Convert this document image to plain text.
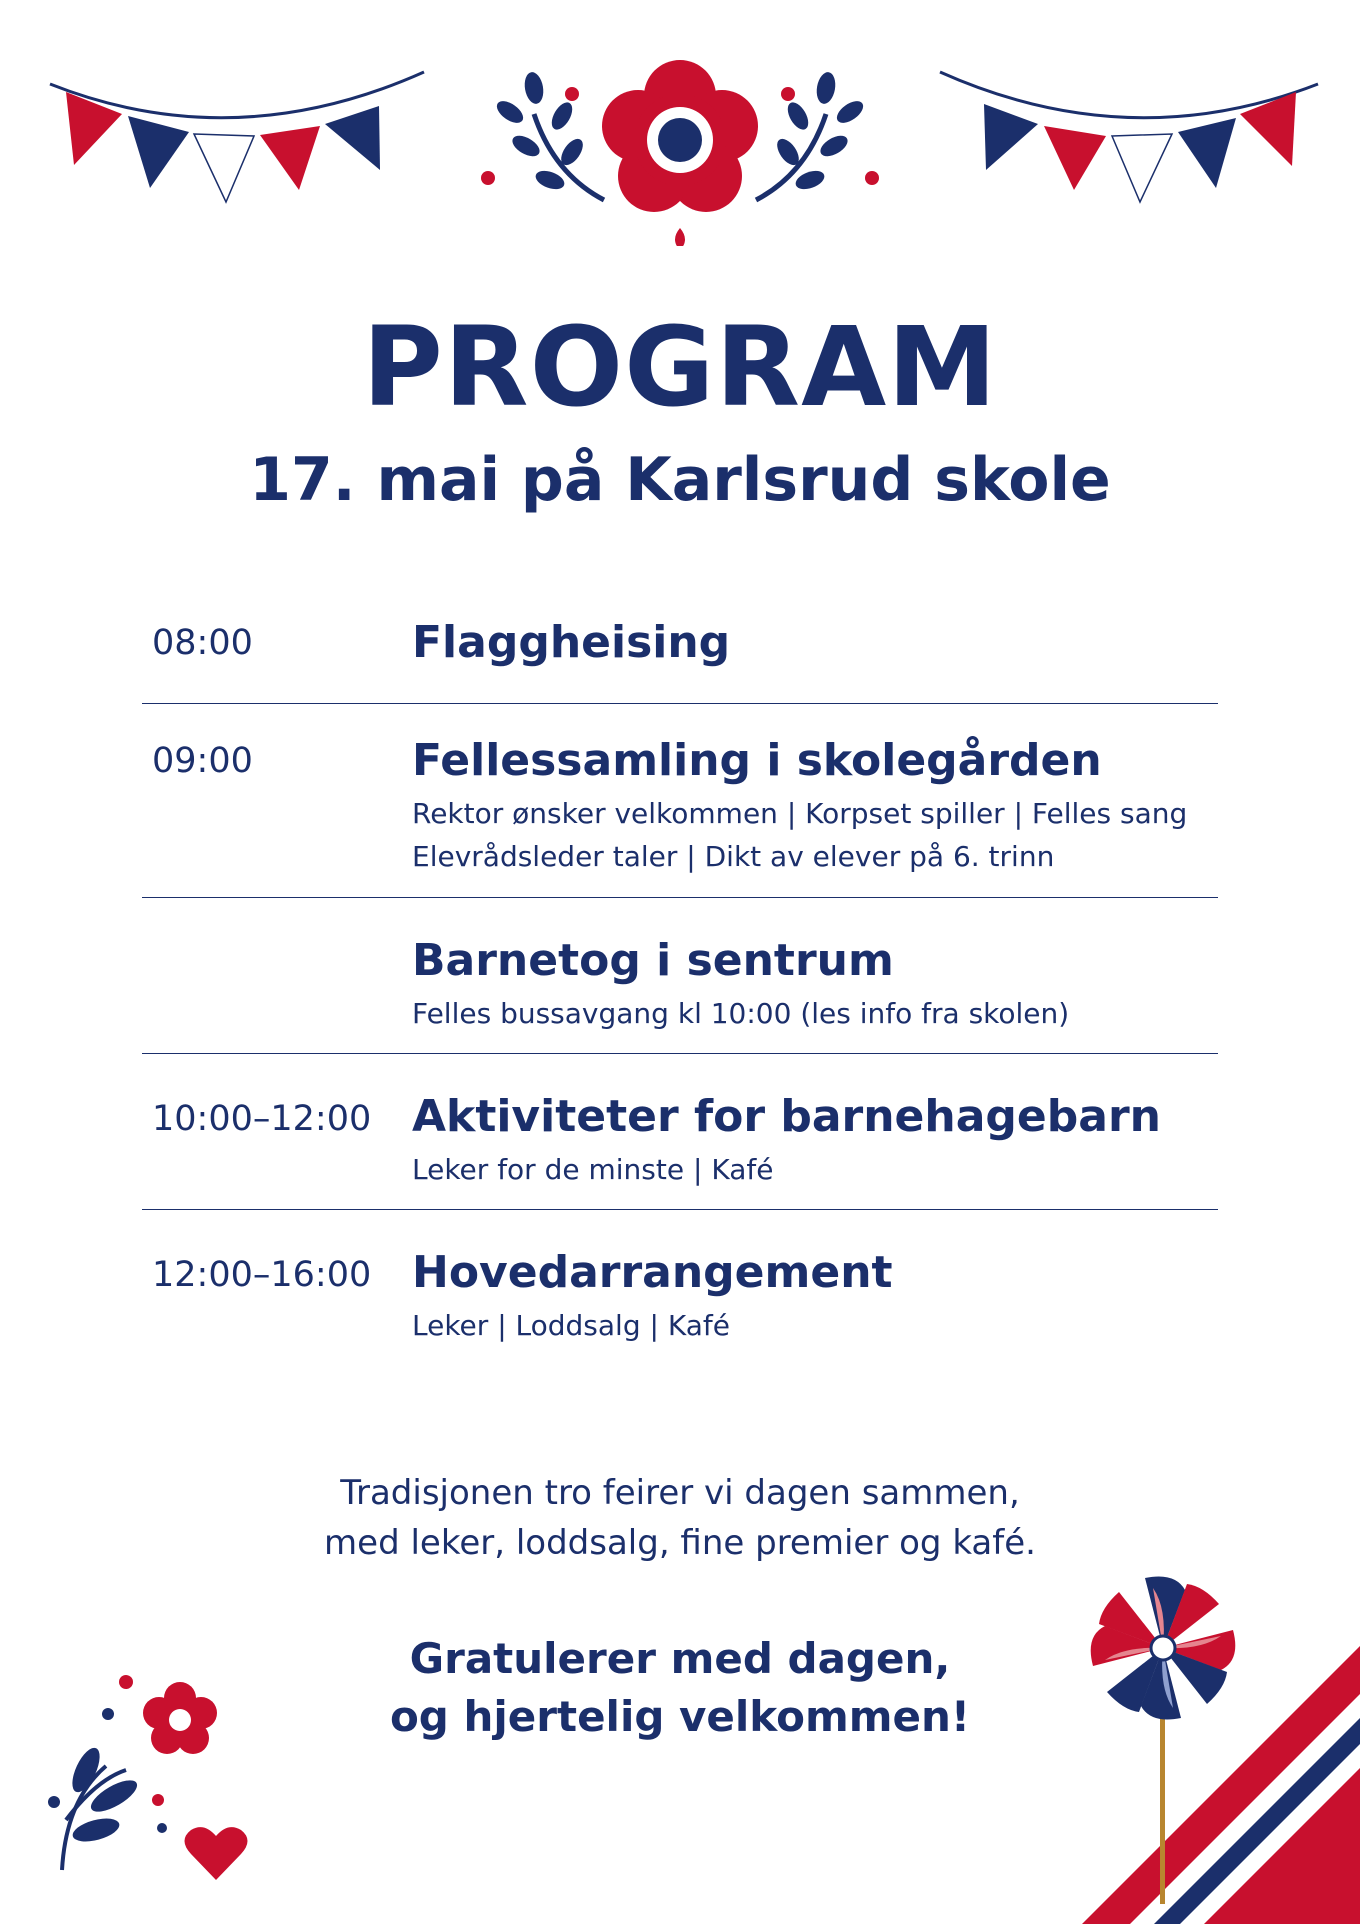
PROGRAM
17. mai på Karlsrud skole
08:00	Flaggheising
09:00	Fellessamling i skolegården
Rektor ønsker velkommen | Korpset spiller | Felles sang
Elevrådsleder taler | Dikt av elever på 6. trinn
Barnetog i sentrum
Felles bussavgang kl 10:00 (les info fra skolen)
10:00–12:00 Aktiviteter for barnehagebarn
Leker for de minste | Kafé
12:00–16:00 Hovedarrangement
Leker | Loddsalg | Kafé
Tradisjonen tro feirer vi dagen sammen,
med leker, loddsalg, fine premier og kafé.
Gratulerer med dagen,
og hjertelig velkommen!
